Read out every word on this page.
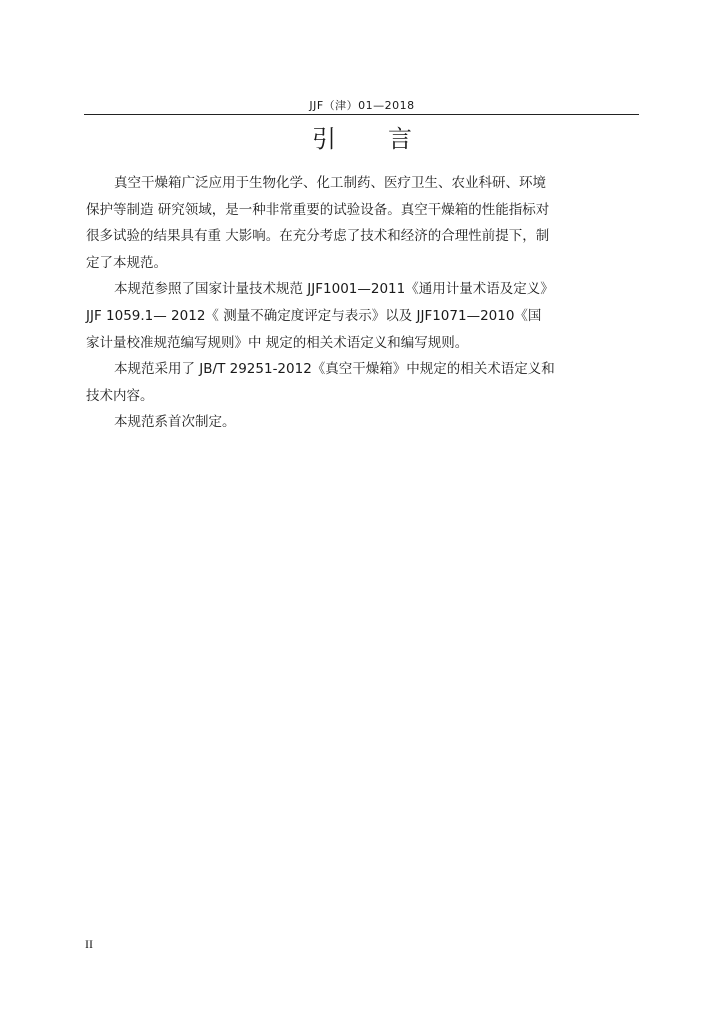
JJF（津）01—2018
引言
真空干燥箱广泛应用于生物化学、化工制药、医疗卫生、农业科研、环境
保护等制造 研究领域，是一种非常重要的试验设备。真空干燥箱的性能指标对
很多试验的结果具有重 大影响。在充分考虑了技术和经济的合理性前提下，制
定了本规范。
本规范参照了国家计量技术规范 JJF1001—2011《通用计量术语及定义》
JJF 1059.1— 2012《 测量不确定度评定与表示》以及 JJF1071—2010《国
家计量校准规范编写规则》中 规定的相关术语定义和编写规则。
本规范采用了 JB/T 29251-2012《真空干燥箱》中规定的相关术语定义和
技术内容。
本规范系首次制定。
II
